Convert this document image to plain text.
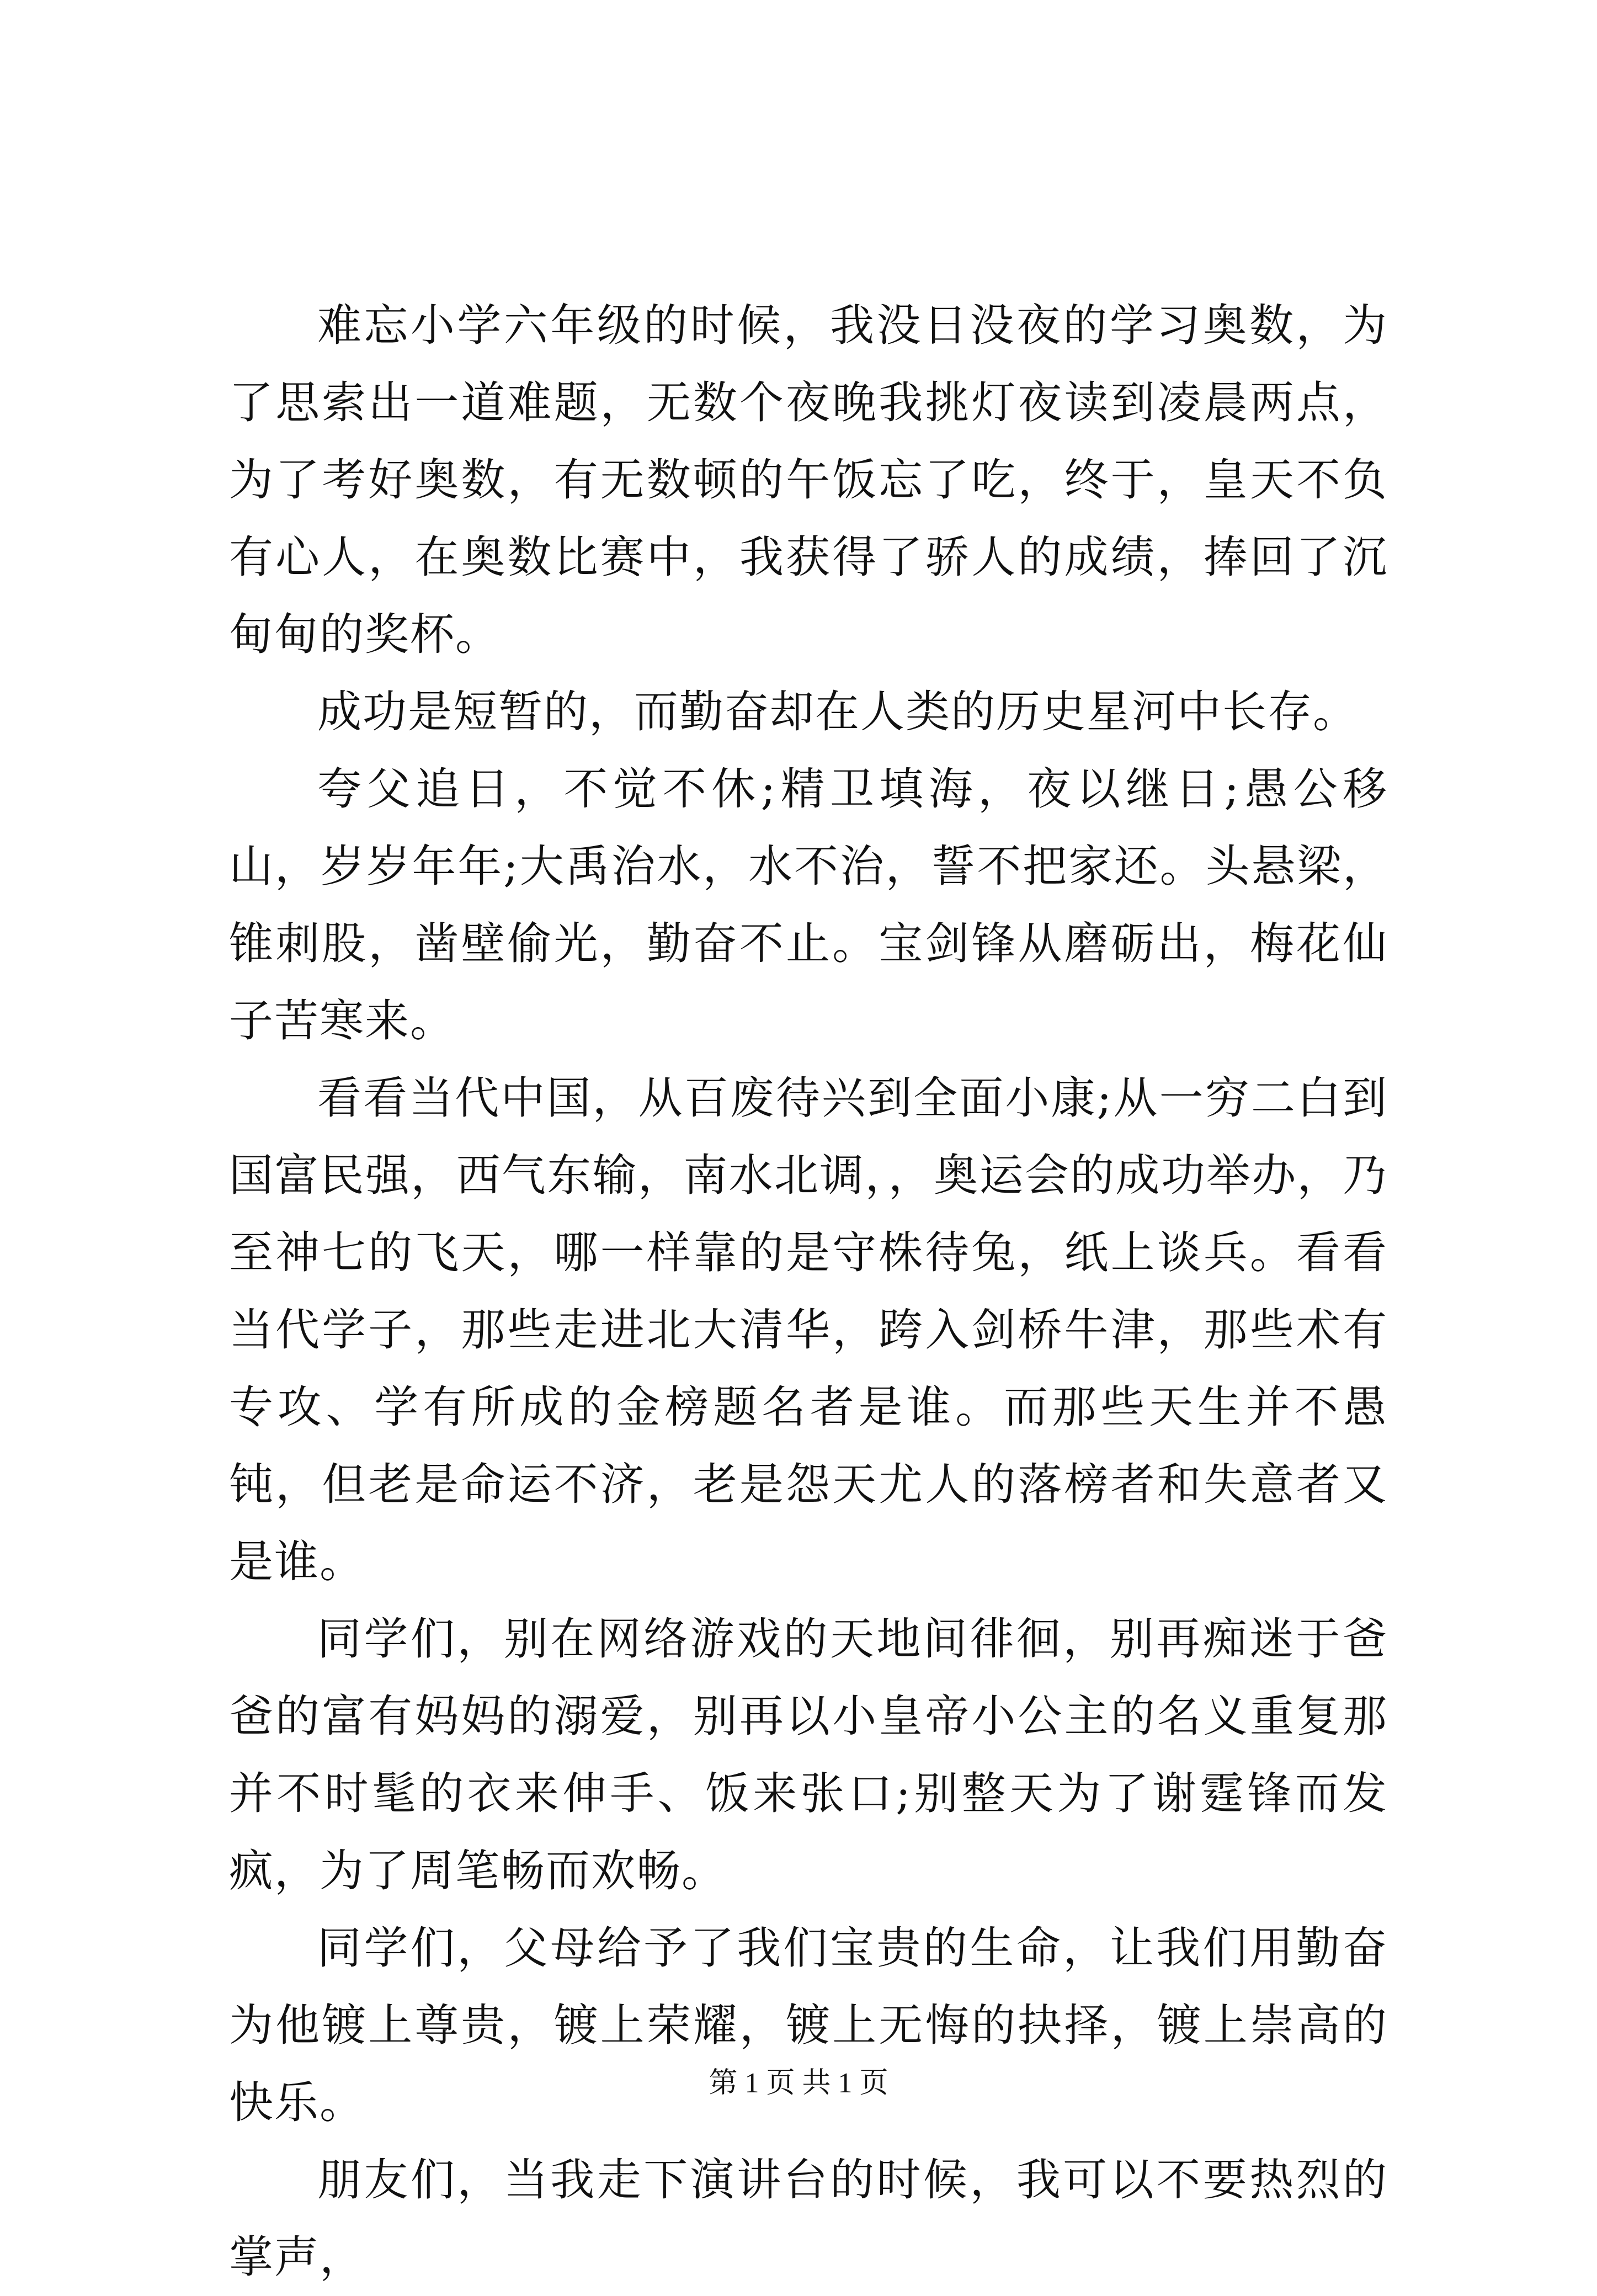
难忘小学六年级的时候，我没日没夜的学习奥数，为了思索出一道难题，无数个夜晚我挑灯夜读到凌晨两点，为了考好奥数，有无数顿的午饭忘了吃，终于，皇天不负有心人，在奥数比赛中，我获得了骄人的成绩，捧回了沉甸甸的奖杯。

成功是短暂的，而勤奋却在人类的历史星河中长存。

夸父追日，不觉不休;精卫填海，夜以继日;愚公移山，岁岁年年;大禹治水，水不治，誓不把家还。头悬梁，锥刺股，凿壁偷光，勤奋不止。宝剑锋从磨砺出，梅花仙子苦寒来。

看看当代中国，从百废待兴到全面小康;从一穷二白到国富民强，西气东输，南水北调，，奥运会的成功举办，乃至神七的飞天，哪一样靠的是守株待兔，纸上谈兵。看看当代学子，那些走进北大清华，跨入剑桥牛津，那些术有专攻、学有所成的金榜题名者是谁。而那些天生并不愚钝，但老是命运不济，老是怨天尤人的落榜者和失意者又是谁。

同学们，别在网络游戏的天地间徘徊，别再痴迷于爸爸的富有妈妈的溺爱，别再以小皇帝小公主的名义重复那并不时髦的衣来伸手、饭来张口;别整天为了谢霆锋而发疯，为了周笔畅而欢畅。

同学们，父母给予了我们宝贵的生命，让我们用勤奋为他镀上尊贵，镀上荣耀，镀上无悔的抉择，镀上崇高的快乐。

朋友们，当我走下演讲台的时候，我可以不要热烈的掌声，

第 1 页 共 1 页
